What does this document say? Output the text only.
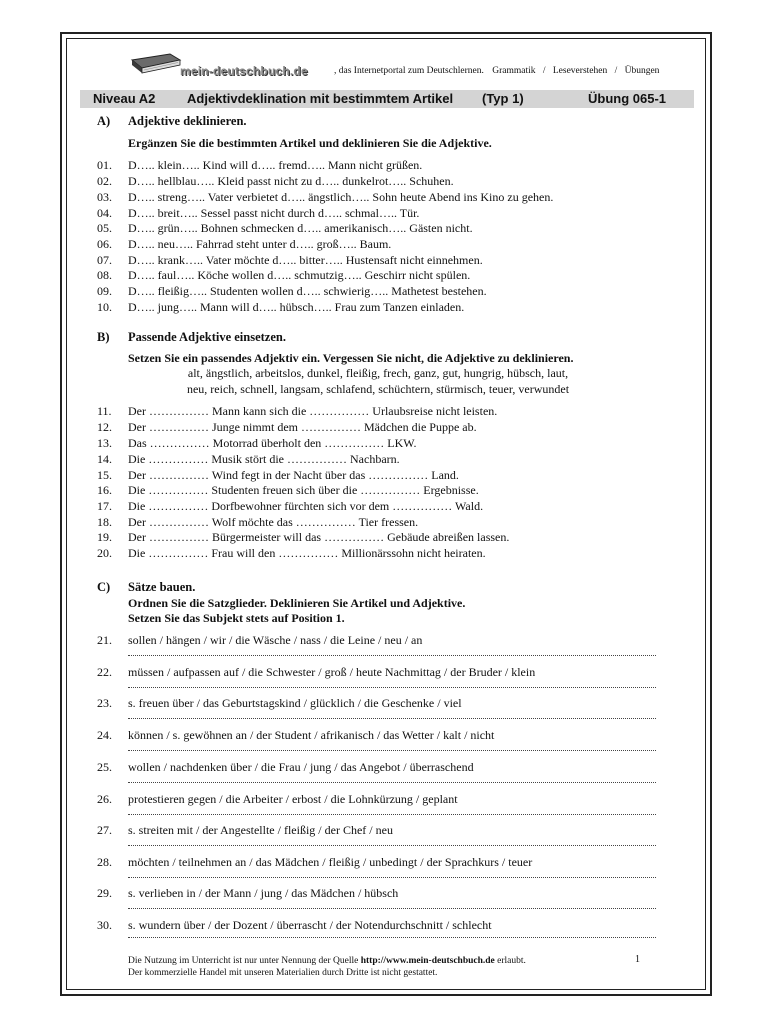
mein-deutschbuch.de	, das Internetportal zum Deutschlernen. Grammatik / Leseverstehen / Übungen
Niveau A2 Adjektivdeklination mit bestimmtem Artikel (Typ 1)	Übung 065-1
A) Adjektive deklinieren.
Ergänzen Sie die bestimmten Artikel und deklinieren Sie die Adjektive.
01. D….. klein….. Kind will d….. fremd….. Mann nicht grüßen.
02. D….. hellblau….. Kleid passt nicht zu d….. dunkelrot….. Schuhen.
03. D….. streng….. Vater verbietet d….. ängstlich….. Sohn heute Abend ins Kino zu gehen.
04. D….. breit….. Sessel passt nicht durch d….. schmal….. Tür.
05. D….. grün….. Bohnen schmecken d….. amerikanisch….. Gästen nicht.
06. D….. neu….. Fahrrad steht unter d….. groß….. Baum.
07. D….. krank….. Vater möchte d….. bitter….. Hustensaft nicht einnehmen.
08. D….. faul….. Köche wollen d….. schmutzig….. Geschirr nicht spülen.
09. D….. fleißig….. Studenten wollen d….. schwierig….. Mathetest bestehen.
10. D….. jung….. Mann will d….. hübsch….. Frau zum Tanzen einladen.
B) Passende Adjektive einsetzen.
Setzen Sie ein passendes Adjektiv ein. Vergessen Sie nicht, die Adjektive zu deklinieren.
alt, ängstlich, arbeitslos, dunkel, fleißig, frech, ganz, gut, hungrig, hübsch, laut,
neu, reich, schnell, langsam, schlafend, schüchtern, stürmisch, teuer, verwundet
11. Der …………… Mann kann sich die …………… Urlaubsreise nicht leisten.
12. Der …………… Junge nimmt dem …………… Mädchen die Puppe ab.
13. Das …………… Motorrad überholt den …………… LKW.
14. Die …………… Musik stört die …………… Nachbarn.
15. Der …………… Wind fegt in der Nacht über das …………… Land.
16. Die …………… Studenten freuen sich über die …………… Ergebnisse.
17. Die …………… Dorfbewohner fürchten sich vor dem …………… Wald.
18. Der …………… Wolf möchte das …………… Tier fressen.
19. Der …………… Bürgermeister will das …………… Gebäude abreißen lassen.
20. Die …………… Frau will den …………… Millionärssohn nicht heiraten.
C) Sätze bauen.
Ordnen Sie die Satzglieder. Deklinieren Sie Artikel und Adjektive.
Setzen Sie das Subjekt stets auf Position 1.
21. sollen / hängen / wir / die Wäsche / nass / die Leine / neu / an
22. müssen / aufpassen auf / die Schwester / groß / heute Nachmittag / der Bruder / klein
23. s. freuen über / das Geburtstagskind / glücklich / die Geschenke / viel
24. können / s. gewöhnen an / der Student / afrikanisch / das Wetter / kalt / nicht
25. wollen / nachdenken über / die Frau / jung / das Angebot / überraschend
26. protestieren gegen / die Arbeiter / erbost / die Lohnkürzung / geplant
27. s. streiten mit / der Angestellte / fleißig / der Chef / neu
28. möchten / teilnehmen an / das Mädchen / fleißig / unbedingt / der Sprachkurs / teuer
29. s. verlieben in / der Mann / jung / das Mädchen / hübsch
30. s. wundern über / der Dozent / überrascht / der Notendurchschnitt / schlecht
Die Nutzung im Unterricht ist nur unter Nennung der Quelle http://www.mein-deutschbuch.de erlaubt.
Der kommerzielle Handel mit unseren Materialien durch Dritte ist nicht gestattet.
1
